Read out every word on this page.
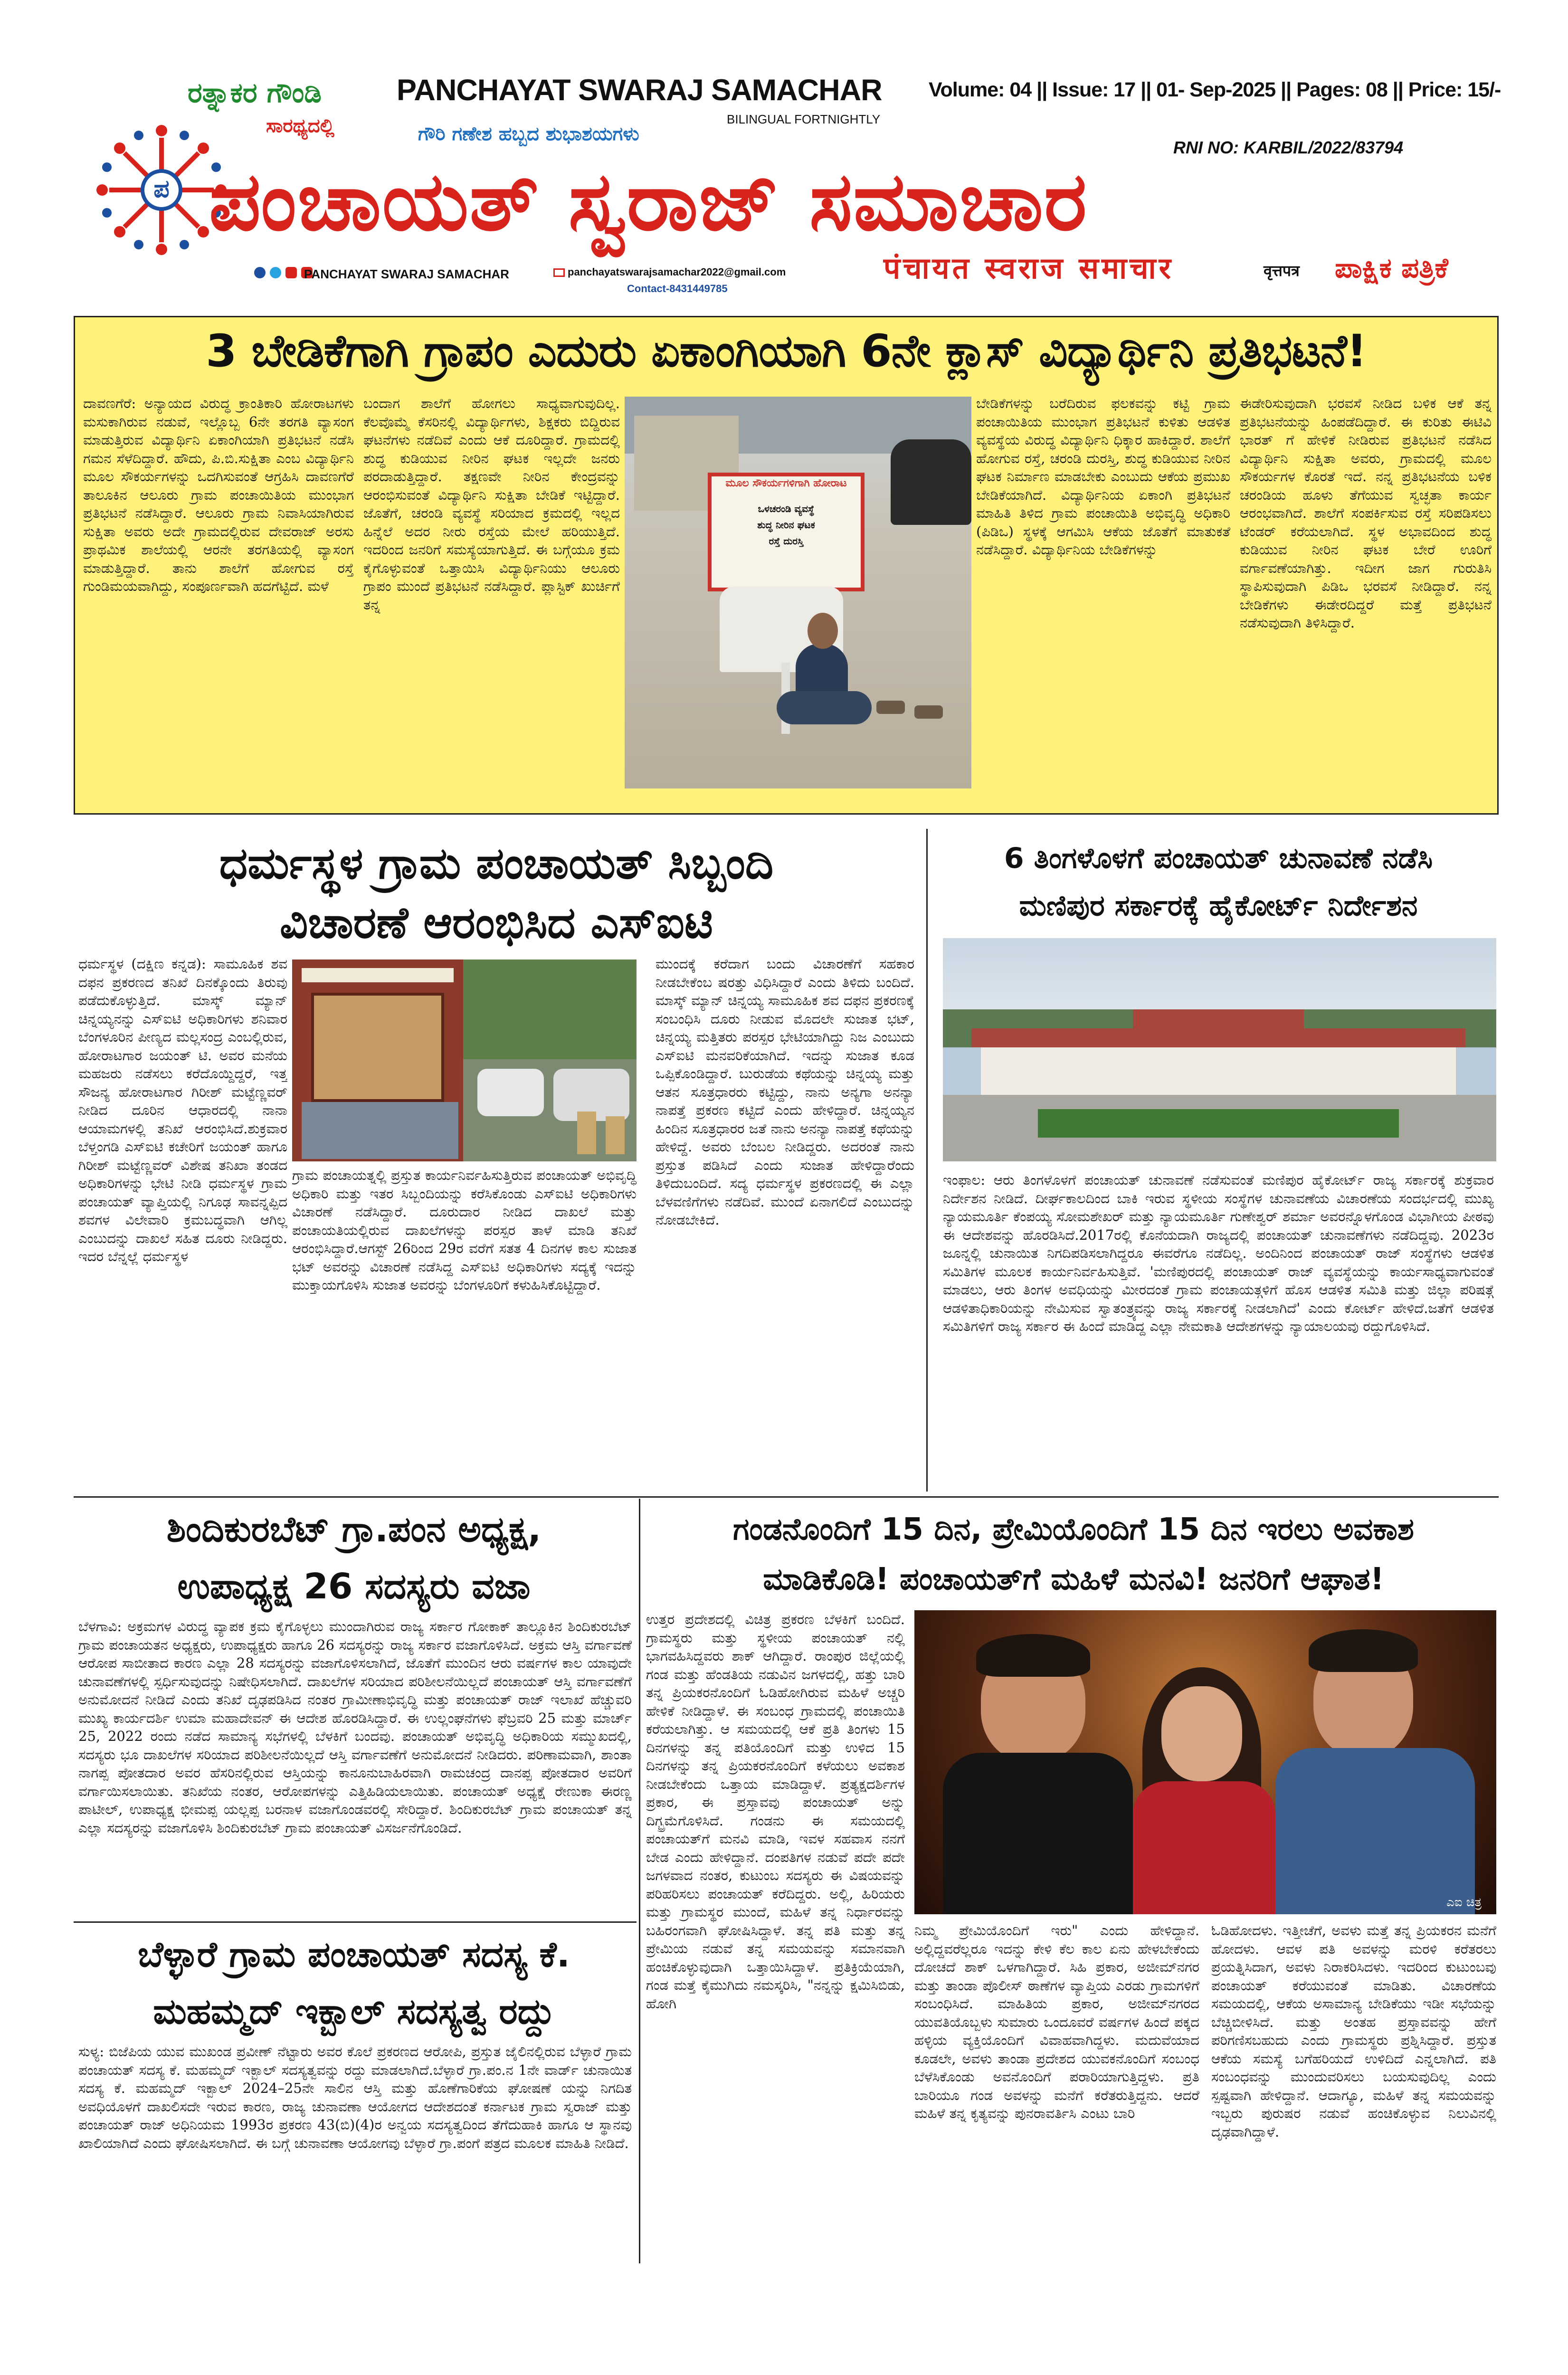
ಪ
ರತ್ನಾಕರ ಗೌಂಡಿ
ಸಾರಥ್ಯದಲ್ಲಿ
PANCHAYAT SWARAJ SAMACHAR
BILINGUAL FORTNIGHTLY
ಗೌರಿ ಗಣೇಶ ಹಬ್ಬದ ಶುಭಾಶಯಗಳು
Volume: 04 || Issue: 17 || 01- Sep-2025 || Pages: 08 || Price: 15/-
RNI NO: KARBIL/2022/83794
ಪಂಚಾಯತ್ ಸ್ವರಾಜ್ ಸಮಾಚಾರ
पंचायत स्वराज समाचार	वृत्तपत्र	ಪಾಕ್ಷಿಕ ಪತ್ರಿಕೆ

PANCHAYAT SWARAJ SAMACHAR	panchayatswarajsamachar2022@gmail.com
Contact-8431449785
3 ಬೇಡಿಕೆಗಾಗಿ ಗ್ರಾಪಂ ಎದುರು ಏಕಾಂಗಿಯಾಗಿ 6ನೇ ಕ್ಲಾಸ್ ವಿದ್ಯಾರ್ಥಿನಿ ಪ್ರತಿಭಟನೆ!
ದಾವಣಗೆರೆ: ಅನ್ಯಾಯದ ವಿರುದ್ಧ ಕ್ರಾಂತಿಕಾರಿ ಹೋರಾಟಗಳು ಮಸುಕಾಗಿರುವ ನಡುವೆ, ಇಲ್ಲೊಬ್ಬ 6ನೇ ತರಗತಿ ವ್ಯಾಸಂಗ ಮಾಡುತ್ತಿರುವ ವಿದ್ಯಾರ್ಥಿನಿ ಏಕಾಂಗಿಯಾಗಿ ಪ್ರತಿಭಟನೆ ನಡೆಸಿ ಗಮನ ಸೆಳೆದಿದ್ದಾರೆ. ಹೌದು, ಪಿ.ಬಿ.ಸುಕ್ಷಿತಾ ಎಂಬ ವಿದ್ಯಾರ್ಥಿನಿ ಮೂಲ ಸೌಕರ್ಯಗಳನ್ನು ಒದಗಿಸುವಂತೆ ಆಗ್ರಹಿಸಿ ದಾವಣಗೆರೆ ತಾಲೂಕಿನ ಆಲೂರು ಗ್ರಾಮ ಪಂಚಾಯಿತಿಯ ಮುಂಭಾಗ ಪ್ರತಿಭಟನೆ ನಡೆಸಿದ್ದಾರೆ. ಆಲೂರು ಗ್ರಾಮ ನಿವಾಸಿಯಾಗಿರುವ ಸುಕ್ಷಿತಾ ಅವರು ಅದೇ ಗ್ರಾಮದಲ್ಲಿರುವ ದೇವರಾಜ್ ಅರಸು ಪ್ರಾಥಮಿಕ ಶಾಲೆಯಲ್ಲಿ ಆರನೇ ತರಗತಿಯಲ್ಲಿ ವ್ಯಾಸಂಗ ಮಾಡುತ್ತಿದ್ದಾರೆ. ತಾನು ಶಾಲೆಗೆ ಹೋಗುವ ರಸ್ತೆ ಗುಂಡಿಮಯವಾಗಿದ್ದು, ಸಂಪೂರ್ಣವಾಗಿ ಹದಗೆಟ್ಟಿದೆ. ಮಳೆ
ಬಂದಾಗ ಶಾಲೆಗೆ ಹೋಗಲು ಸಾಧ್ಯವಾಗುವುದಿಲ್ಲ. ಕೆಲವೊಮ್ಮೆ ಕೆಸರಿನಲ್ಲಿ ವಿದ್ಯಾರ್ಥಿಗಳು, ಶಿಕ್ಷಕರು ಬಿದ್ದಿರುವ ಘಟನೆಗಳು ನಡೆದಿವೆ ಎಂದು ಆಕೆ ದೂರಿದ್ದಾರೆ. ಗ್ರಾಮದಲ್ಲಿ ಶುದ್ಧ ಕುಡಿಯುವ ನೀರಿನ ಘಟಕ ಇಲ್ಲದೇ ಜನರು ಪರದಾಡುತ್ತಿದ್ದಾರೆ. ತಕ್ಷಣವೇ ನೀರಿನ ಕೇಂದ್ರವನ್ನು ಆರಂಭಿಸುವಂತೆ ವಿದ್ಯಾರ್ಥಿನಿ ಸುಕ್ಷಿತಾ ಬೇಡಿಕೆ ಇಟ್ಟಿದ್ದಾರೆ. ಜೊತೆಗೆ, ಚರಂಡಿ ವ್ಯವಸ್ಥೆ ಸರಿಯಾದ ಕ್ರಮದಲ್ಲಿ ಇಲ್ಲದ ಹಿನ್ನೆಲೆ ಅದರ ನೀರು ರಸ್ತೆಯ ಮೇಲೆ ಹರಿಯುತ್ತಿದೆ. ಇದರಿಂದ ಜನರಿಗೆ ಸಮಸ್ಯೆಯಾಗುತ್ತಿದೆ. ಈ ಬಗ್ಗೆಯೂ ಕ್ರಮ ಕೈಗೊಳ್ಳುವಂತೆ ಒತ್ತಾಯಿಸಿ ವಿದ್ಯಾರ್ಥಿನಿಯು ಆಲೂರು ಗ್ರಾಪಂ ಮುಂದೆ ಪ್ರತಿಭಟನೆ ನಡೆಸಿದ್ದಾರೆ. ಪ್ಲಾಸ್ಟಿಕ್ ಖುರ್ಚಿಗೆ ತನ್ನ
ಮೂಲ ಸೌಕರ್ಯಗಳಿಗಾಗಿ ಹೋರಾಟ
ಒಳಚರಂಡಿ ವ್ಯವಸ್ಥೆ
ಶುದ್ಧ ನೀರಿನ ಘಟಕ
ರಸ್ತೆ ದುರಸ್ತಿ
ಬೇಡಿಕೆಗಳನ್ನು ಬರೆದಿರುವ ಫಲಕವನ್ನು ಕಟ್ಟಿ ಗ್ರಾಮ ಪಂಚಾಯಿತಿಯ ಮುಂಭಾಗ ಪ್ರತಿಭಟನೆ ಕುಳಿತು ಆಡಳಿತ ವ್ಯವಸ್ಥೆಯ ವಿರುದ್ಧ ವಿದ್ಯಾರ್ಥಿನಿ ಧಿಕ್ಕಾರ ಹಾಕಿದ್ದಾರೆ. ಶಾಲೆಗೆ ಹೋಗುವ ರಸ್ತೆ, ಚರಂಡಿ ದುರಸ್ತಿ, ಶುದ್ಧ ಕುಡಿಯುವ ನೀರಿನ ಘಟಕ ನಿರ್ಮಾಣ ಮಾಡಬೇಕು ಎಂಬುದು ಆಕೆಯ ಪ್ರಮುಖ ಬೇಡಿಕೆಯಾಗಿದೆ. ವಿದ್ಯಾರ್ಥಿನಿಯ ಏಕಾಂಗಿ ಪ್ರತಿಭಟನೆ ಮಾಹಿತಿ ತಿಳಿದ ಗ್ರಾಮ ಪಂಚಾಯಿತಿ ಅಭಿವೃದ್ಧಿ ಅಧಿಕಾರಿ (ಪಿಡಿಒ) ಸ್ಥಳಕ್ಕೆ ಆಗಮಿಸಿ ಆಕೆಯ ಜೊತೆಗೆ ಮಾತುಕತೆ ನಡೆಸಿದ್ದಾರೆ. ವಿದ್ಯಾರ್ಥಿನಿಯ ಬೇಡಿಕೆಗಳನ್ನು
ಈಡೇರಿಸುವುದಾಗಿ ಭರವಸೆ ನೀಡಿದ ಬಳಿಕ ಆಕೆ ತನ್ನ ಪ್ರತಿಭಟನೆಯನ್ನು ಹಿಂಪಡೆದಿದ್ದಾರೆ. ಈ ಕುರಿತು ಈಟಿವಿ ಭಾರತ್ ಗೆ ಹೇಳಿಕೆ ನೀಡಿರುವ ಪ್ರತಿಭಟನೆ ನಡೆಸಿದ ವಿದ್ಯಾರ್ಥಿನಿ ಸುಕ್ಷಿತಾ ಅವರು, ಗ್ರಾಮದಲ್ಲಿ ಮೂಲ ಸೌಕರ್ಯಗಳ ಕೊರತೆ ಇದೆ. ನನ್ನ ಪ್ರತಿಭಟನೆಯ ಬಳಿಕ ಚರಂಡಿಯ ಹೂಳು ತೆಗೆಯುವ ಸ್ವಚ್ಛತಾ ಕಾರ್ಯ ಆರಂಭವಾಗಿದೆ. ಶಾಲೆಗೆ ಸಂಪರ್ಕಿಸುವ ರಸ್ತೆ ಸರಿಪಡಿಸಲು ಟೆಂಡರ್ ಕರೆಯಲಾಗಿದೆ. ಸ್ಥಳ ಅಭಾವದಿಂದ ಶುದ್ಧ ಕುಡಿಯುವ ನೀರಿನ ಘಟಕ ಬೇರೆ ಊರಿಗೆ ವರ್ಗಾವಣೆಯಾಗಿತ್ತು. ಇದೀಗ ಜಾಗ ಗುರುತಿಸಿ ಸ್ಥಾಪಿಸುವುದಾಗಿ ಪಿಡಿಒ ಭರವಸೆ ನೀಡಿದ್ದಾರೆ. ನನ್ನ ಬೇಡಿಕೆಗಳು ಈಡೇರದಿದ್ದರೆ ಮತ್ತೆ ಪ್ರತಿಭಟನೆ ನಡೆಸುವುದಾಗಿ ತಿಳಿಸಿದ್ದಾರೆ.
ಧರ್ಮಸ್ಥಳ ಗ್ರಾಮ ಪಂಚಾಯತ್ ಸಿಬ್ಬಂದಿ
ವಿಚಾರಣೆ ಆರಂಭಿಸಿದ ಎಸ್ಐಟಿ
ಧರ್ಮಸ್ಥಳ (ದಕ್ಷಿಣ ಕನ್ನಡ): ಸಾಮೂಹಿಕ ಶವ ದಫನ ಪ್ರಕರಣದ ತನಿಖೆ ದಿನಕ್ಕೊಂದು ತಿರುವು ಪಡೆದುಕೊಳ್ಳುತ್ತಿದೆ. ಮಾಸ್ಕ್ ಮ್ಯಾನ್ ಚಿನ್ನಯ್ಯನನ್ನು ಎಸ್ಐಟಿ ಅಧಿಕಾರಿಗಳು ಶನಿವಾರ ಬೆಂಗಳೂರಿನ ಪೀಣ್ಯದ ಮಲ್ಲಸಂದ್ರ ಎಂಬಲ್ಲಿರುವ, ಹೋರಾಟಗಾರ ಜಯಂತ್ ಟಿ. ಅವರ ಮನೆಯ ಮಹಜರು ನಡೆಸಲು ಕರೆದೊಯ್ದಿದ್ದರೆ, ಇತ್ತ ಸೌಜನ್ಯ ಹೋರಾಟಗಾರ ಗಿರೀಶ್ ಮಟ್ಟೆಣ್ಣವರ್ ನೀಡಿದ ದೂರಿನ ಆಧಾರದಲ್ಲಿ ನಾನಾ ಆಯಾಮಗಳಲ್ಲಿ ತನಿಖೆ ಆರಂಭಿಸಿದೆ.ಶುಕ್ರವಾರ ಬೆಳ್ತಂಗಡಿ ಎಸ್ಐಟಿ ಕಚೇರಿಗೆ ಜಯಂತ್ ಹಾಗೂ ಗಿರೀಶ್ ಮಟ್ಟೆಣ್ಣವರ್ ವಿಶೇಷ ತನಿಖಾ ತಂಡದ ಅಧಿಕಾರಿಗಳನ್ನು ಭೇಟಿ ನೀಡಿ ಧರ್ಮಸ್ಥಳ ಗ್ರಾಮ ಪಂಚಾಯತ್ ವ್ಯಾಪ್ತಿಯಲ್ಲಿ ನಿಗೂಢ ಸಾವನ್ನಪ್ಪಿದ ಶವಗಳ ವಿಲೇವಾರಿ ಕ್ರಮಬದ್ಧವಾಗಿ ಆಗಿಲ್ಲ ಎಂಬುದನ್ನು ದಾಖಲೆ ಸಹಿತ ದೂರು ನೀಡಿದ್ದರು. ಇದರ ಬೆನ್ನಲ್ಲೆ ಧರ್ಮಸ್ಥಳ
ಗ್ರಾಮ ಪಂಚಾಯತ್ನಲ್ಲಿ ಪ್ರಸ್ತುತ ಕಾರ್ಯನಿರ್ವಹಿಸುತ್ತಿರುವ ಪಂಚಾಯತ್ ಅಭಿವೃದ್ಧಿ ಅಧಿಕಾರಿ ಮತ್ತು ಇತರ ಸಿಬ್ಬಂದಿಯನ್ನು ಕರೆಸಿಕೊಂಡು ಎಸ್ಐಟಿ ಅಧಿಕಾರಿಗಳು ವಿಚಾರಣೆ ನಡೆಸಿದ್ದಾರೆ. ದೂರುದಾರ ನೀಡಿದ ದಾಖಲೆ ಮತ್ತು ಪಂಚಾಯತಿಯಲ್ಲಿರುವ ದಾಖಲೆಗಳನ್ನು ಪರಸ್ಪರ ತಾಳೆ ಮಾಡಿ ತನಿಖೆ ಆರಂಭಿಸಿದ್ದಾರೆ.ಆಗಸ್ಟ್ 26ರಿಂದ 29ರ ವರೆಗೆ ಸತತ 4 ದಿನಗಳ ಕಾಲ ಸುಜಾತ ಭಟ್ ಅವರನ್ನು ವಿಚಾರಣೆ ನಡೆಸಿದ್ದ ಎಸ್ಐಟಿ ಅಧಿಕಾರಿಗಳು ಸದ್ಯಕ್ಕೆ ಇದನ್ನು ಮುಕ್ತಾಯಗೊಳಿಸಿ ಸುಜಾತ ಅವರನ್ನು ಬೆಂಗಳೂರಿಗೆ ಕಳುಹಿಸಿಕೊಟ್ಟಿದ್ದಾರೆ.
ಮುಂದಕ್ಕೆ ಕರೆದಾಗ ಬಂದು ವಿಚಾರಣೆಗೆ ಸಹಕಾರ ನೀಡಬೇಕೆಂಬ ಷರತ್ತು ವಿಧಿಸಿದ್ದಾರೆ ಎಂದು ತಿಳಿದು ಬಂದಿದೆ. ಮಾಸ್ಕ್ ಮ್ಯಾನ್ ಚಿನ್ನಯ್ಯ ಸಾಮೂಹಿಕ ಶವ ದಫನ ಪ್ರಕರಣಕ್ಕೆ ಸಂಬಂಧಿಸಿ ದೂರು ನೀಡುವ ಮೊದಲೇ ಸುಜಾತ ಭಟ್, ಚಿನ್ನಯ್ಯ ಮತ್ತಿತರು ಪರಸ್ಪರ ಭೇಟಿಯಾಗಿದ್ದು ನಿಜ ಎಂಬುದು ಎಸ್ಐಟಿ ಮನವರಿಕೆಯಾಗಿದೆ. ಇದನ್ನು ಸುಜಾತ ಕೂಡ ಒಪ್ಪಿಕೊಂಡಿದ್ದಾರೆ. ಬುರುಡೆಯ ಕಥೆಯನ್ನು ಚಿನ್ನಯ್ಯ ಮತ್ತು ಆತನ ಸೂತ್ರಧಾರರು ಕಟ್ಟಿದ್ದು, ನಾನು ಅನ್ಯಗಾ ಅನನ್ಯಾ ನಾಪತ್ತೆ ಪ್ರಕರಣ ಕಟ್ಟಿದೆ ಎಂದು ಹೇಳಿದ್ದಾರೆ. ಚಿನ್ನಯ್ಯನ ಹಿಂದಿನ ಸೂತ್ರಧಾರರ ಜತೆ ನಾನು ಅನನ್ಯಾ ನಾಪತ್ತೆ ಕಥೆಯನ್ನು ಹೇಳಿದ್ದೆ. ಅವರು ಬೆಂಬಲ ನೀಡಿದ್ದರು. ಅದರಂತೆ ನಾನು ಪ್ರಸ್ತುತ ಪಡಿಸಿದೆ ಎಂದು ಸುಜಾತ ಹೇಳಿದ್ದಾರೆಂದು ತಿಳಿದುಬಂದಿದೆ. ಸದ್ಯ ಧರ್ಮಸ್ಥಳ ಪ್ರಕರಣದಲ್ಲಿ ಈ ಎಲ್ಲಾ ಬೆಳವಣಿಗೆಗಳು ನಡೆದಿವೆ. ಮುಂದೆ ಏನಾಗಲಿದೆ ಎಂಬುದನ್ನು ನೋಡಬೇಕಿದೆ.
6 ತಿಂಗಳೊಳಗೆ ಪಂಚಾಯತ್ ಚುನಾವಣೆ ನಡೆಸಿ
ಮಣಿಪುರ ಸರ್ಕಾರಕ್ಕೆ ಹೈಕೋರ್ಟ್ ನಿರ್ದೇಶನ
ಇಂಫಾಲ: ಆರು ತಿಂಗಳೊಳಗೆ ಪಂಚಾಯತ್ ಚುನಾವಣೆ ನಡೆಸುವಂತೆ ಮಣಿಪುರ ಹೈಕೋರ್ಟ್ ರಾಜ್ಯ ಸರ್ಕಾರಕ್ಕೆ ಶುಕ್ರವಾರ ನಿರ್ದೇಶನ ನೀಡಿದೆ. ದೀರ್ಘಕಾಲದಿಂದ ಬಾಕಿ ಇರುವ ಸ್ಥಳೀಯ ಸಂಸ್ಥೆಗಳ ಚುನಾವಣೆಯ ವಿಚಾರಣೆಯ ಸಂದರ್ಭದಲ್ಲಿ ಮುಖ್ಯ ನ್ಯಾಯಮೂರ್ತಿ ಕೆಂಪಯ್ಯ ಸೋಮಶೇಖರ್ ಮತ್ತು ನ್ಯಾಯಮೂರ್ತಿ ಗುಣೇಶ್ವರ್ ಶರ್ಮಾ ಅವರನ್ನೊಳಗೊಂಡ ವಿಭಾಗೀಯ ಪೀಠವು ಈ ಆದೇಶವನ್ನು ಹೊರಡಿಸಿದೆ.2017ರಲ್ಲಿ ಕೊನೆಯದಾಗಿ ರಾಜ್ಯದಲ್ಲಿ ಪಂಚಾಯತ್ ಚುನಾವಣೆಗಳು ನಡೆದಿದ್ದವು. 2023ರ ಜೂನ್ನಲ್ಲಿ ಚುನಾಯಿತ ನಿಗದಿಪಡಿಸಲಾಗಿದ್ದರೂ ಈವರೆಗೂ ನಡೆದಿಲ್ಲ. ಅಂದಿನಿಂದ ಪಂಚಾಯತ್ ರಾಜ್ ಸಂಸ್ಥೆಗಳು ಆಡಳಿತ ಸಮಿತಿಗಳ ಮೂಲಕ ಕಾರ್ಯನಿರ್ವಹಿಸುತ್ತಿವೆ. 'ಮಣಿಪುರದಲ್ಲಿ ಪಂಚಾಯತ್ ರಾಜ್ ವ್ಯವಸ್ಥೆಯನ್ನು ಕಾರ್ಯಸಾಧ್ಯವಾಗುವಂತೆ ಮಾಡಲು, ಆರು ತಿಂಗಳ ಅವಧಿಯನ್ನು ಮೀರದಂತೆ ಗ್ರಾಮ ಪಂಚಾಯತ್ಗಳಿಗೆ ಹೊಸ ಆಡಳಿತ ಸಮಿತಿ ಮತ್ತು ಜಿಲ್ಲಾ ಪರಿಷತ್ಗೆ ಆಡಳಿತಾಧಿಕಾರಿಯನ್ನು ನೇಮಿಸುವ ಸ್ವಾತಂತ್ರ್ಯವನ್ನು ರಾಜ್ಯ ಸರ್ಕಾರಕ್ಕೆ ನೀಡಲಾಗಿದೆ' ಎಂದು ಕೋರ್ಟ್ ಹೇಳಿದೆ.ಜತೆಗೆ ಆಡಳಿತ ಸಮಿತಿಗಳಿಗೆ ರಾಜ್ಯ ಸರ್ಕಾರ ಈ ಹಿಂದೆ ಮಾಡಿದ್ದ ಎಲ್ಲಾ ನೇಮಕಾತಿ ಆದೇಶಗಳನ್ನು ನ್ಯಾಯಾಲಯವು ರದ್ದುಗೊಳಿಸಿದೆ.
ಶಿಂದಿಕುರಬೆಟ್ ಗ್ರಾ.ಪಂನ ಅಧ್ಯಕ್ಷ,
ಉಪಾಧ್ಯಕ್ಷ 26 ಸದಸ್ಯರು ವಜಾ
ಬೆಳಗಾವಿ: ಅಕ್ರಮಗಳ ವಿರುದ್ಧ ವ್ಯಾಪಕ ಕ್ರಮ ಕೈಗೊಳ್ಳಲು ಮುಂದಾಗಿರುವ ರಾಜ್ಯ ಸರ್ಕಾರ ಗೋಕಾಕ್ ತಾಲ್ಲೂಕಿನ ಶಿಂದಿಕುರಬೆಟ್ ಗ್ರಾಮ ಪಂಚಾಯತನ ಅಧ್ಯಕ್ಷರು, ಉಪಾಧ್ಯಕ್ಷರು ಹಾಗೂ 26 ಸದಸ್ಯರನ್ನು ರಾಜ್ಯ ಸರ್ಕಾರ ವಜಾಗೊಳಿಸಿದೆ. ಅಕ್ರಮ ಆಸ್ತಿ ವರ್ಗಾವಣೆ ಆರೋಪ ಸಾಬೀತಾದ ಕಾರಣ ಎಲ್ಲಾ 28 ಸದಸ್ಯರನ್ನು ವಜಾಗೊಳಿಸಲಾಗಿದೆ, ಜೊತೆಗೆ ಮುಂದಿನ ಆರು ವರ್ಷಗಳ ಕಾಲ ಯಾವುದೇ ಚುನಾವಣೆಗಳಲ್ಲಿ ಸ್ಪರ್ಧಿಸುವುದನ್ನು ನಿಷೇಧಿಸಲಾಗಿದೆ. ದಾಖಲೆಗಳ ಸರಿಯಾದ ಪರಿಶೀಲನೆಯಿಲ್ಲದೆ ಪಂಚಾಯತ್ ಆಸ್ತಿ ವರ್ಗಾವಣೆಗೆ ಅನುಮೋದನೆ ನೀಡಿದೆ ಎಂದು ತನಿಖೆ ದೃಢಪಡಿಸಿದ ನಂತರ ಗ್ರಾಮೀಣಾಭಿವೃದ್ಧಿ ಮತ್ತು ಪಂಚಾಯತ್ ರಾಜ್ ಇಲಾಖೆ ಹೆಚ್ಚುವರಿ ಮುಖ್ಯ ಕಾರ್ಯದರ್ಶಿ ಉಮಾ ಮಹಾದೇವನ್ ಈ ಆದೇಶ ಹೊರಡಿಸಿದ್ದಾರೆ. ಈ ಉಲ್ಲಂಘನೆಗಳು ಫೆಬ್ರವರಿ 25 ಮತ್ತು ಮಾರ್ಚ್ 25, 2022 ರಂದು ನಡೆದ ಸಾಮಾನ್ಯ ಸಭೆಗಳಲ್ಲಿ ಬೆಳಕಿಗೆ ಬಂದವು. ಪಂಚಾಯತ್ ಅಭಿವೃದ್ಧಿ ಅಧಿಕಾರಿಯ ಸಮ್ಮುಖದಲ್ಲಿ, ಸದಸ್ಯರು ಭೂ ದಾಖಲೆಗಳ ಸರಿಯಾದ ಪರಿಶೀಲನೆಯಿಲ್ಲದೆ ಆಸ್ತಿ ವರ್ಗಾವಣೆಗೆ ಅನುಮೋದನೆ ನೀಡಿದರು. ಪರಿಣಾಮವಾಗಿ, ಶಾಂತಾ ನಾಗಪ್ಪ ಪೋತದಾರ ಅವರ ಹೆಸರಿನಲ್ಲಿರುವ ಆಸ್ತಿಯನ್ನು ಕಾನೂನುಬಾಹಿರವಾಗಿ ರಾಮಚಂದ್ರ ದಾನಪ್ಪ ಪೋತದಾರ ಅವರಿಗೆ ವರ್ಗಾಯಿಸಲಾಯಿತು. ತನಿಖೆಯ ನಂತರ, ಆರೋಪಗಳನ್ನು ಎತ್ತಿಹಿಡಿಯಲಾಯಿತು. ಪಂಚಾಯತ್ ಅಧ್ಯಕ್ಷೆ ರೇಣುಕಾ ಈರಣ್ಣ ಪಾಟೀಲ್, ಉಪಾಧ್ಯಕ್ಷ ಭೀಮಪ್ಪ ಯಲ್ಲಪ್ಪ ಬರನಾಳ ವಜಾಗೊಂಡವರಲ್ಲಿ ಸೇರಿದ್ದಾರೆ. ಶಿಂದಿಕುರಬೆಟ್ ಗ್ರಾಮ ಪಂಚಾಯತ್ ತನ್ನ ಎಲ್ಲಾ ಸದಸ್ಯರನ್ನು ವಜಾಗೊಳಿಸಿ ಶಿಂದಿಕುರಬೆಟ್ ಗ್ರಾಮ ಪಂಚಾಯತ್ ವಿಸರ್ಜನೆಗೊಂಡಿದೆ.
ಬೆಳ್ಳಾರೆ ಗ್ರಾಮ ಪಂಚಾಯತ್ ಸದಸ್ಯ ಕೆ.
ಮಹಮ್ಮದ್ ಇಕ್ಬಾಲ್ ಸದಸ್ಯತ್ವ ರದ್ದು
ಸುಳ್ಯ: ಬಿಜೆಪಿಯ ಯುವ ಮುಖಂಡ ಪ್ರವೀಣ್ ನೆಟ್ಟಾರು ಅವರ ಕೊಲೆ ಪ್ರಕರಣದ ಆರೋಪಿ, ಪ್ರಸ್ತುತ ಜೈಲಿನಲ್ಲಿರುವ ಬೆಳ್ಳಾರೆ ಗ್ರಾಮ ಪಂಚಾಯತ್ ಸದಸ್ಯ ಕೆ. ಮಹಮ್ಮದ್ ಇಕ್ಬಾಲ್ ಸದಸ್ಯತ್ವವನ್ನು ರದ್ದು ಮಾಡಲಾಗಿದೆ.ಬೆಳ್ಳಾರೆ ಗ್ರಾ.ಪಂ.ನ 1ನೇ ವಾರ್ಡ್ ಚುನಾಯಿತ ಸದಸ್ಯ ಕೆ. ಮಹಮ್ಮದ್ ಇಕ್ಬಾಲ್ 2024–25ನೇ ಸಾಲಿನ ಆಸ್ತಿ ಮತ್ತು ಹೊಣೆಗಾರಿಕೆಯ ಘೋಷಣೆ ಯನ್ನು ನಿಗದಿತ ಅವಧಿಯೊಳಗೆ ದಾಖಲಿಸದೇ ಇರುವ ಕಾರಣ, ರಾಜ್ಯ ಚುನಾವಣಾ ಆಯೋಗದ ಆದೇಶದಂತೆ ಕರ್ನಾಟಕ ಗ್ರಾಮ ಸ್ವರಾಜ್ ಮತ್ತು ಪಂಚಾಯತ್ ರಾಜ್ ಅಧಿನಿಯಮ 1993ರ ಪ್ರಕರಣ 43(ಬಿ)(4)ರ ಅನ್ವಯ ಸದಸ್ಯತ್ವದಿಂದ ತೆಗೆದುಹಾಕಿ ಹಾಗೂ ಆ ಸ್ಥಾನವು ಖಾಲಿಯಾಗಿದೆ ಎಂದು ಘೋಷಿಸಲಾಗಿದೆ. ಈ ಬಗ್ಗೆ ಚುನಾವಣಾ ಆಯೋಗವು ಬೆಳ್ಳಾರೆ ಗ್ರಾ.ಪಂಗೆ ಪತ್ರದ ಮೂಲಕ ಮಾಹಿತಿ ನೀಡಿದೆ.
ಗಂಡನೊಂದಿಗೆ 15 ದಿನ, ಪ್ರೇಮಿಯೊಂದಿಗೆ 15 ದಿನ ಇರಲು ಅವಕಾಶ
ಮಾಡಿಕೊಡಿ! ಪಂಚಾಯತ್‌ಗೆ ಮಹಿಳೆ ಮನವಿ! ಜನರಿಗೆ ಆಘಾತ!
ಉತ್ತರ ಪ್ರದೇಶದಲ್ಲಿ ವಿಚಿತ್ರ ಪ್ರಕರಣ ಬೆಳಕಿಗೆ ಬಂದಿದೆ. ಗ್ರಾಮಸ್ಥರು ಮತ್ತು ಸ್ಥಳೀಯ ಪಂಚಾಯತ್ ನಲ್ಲಿ ಭಾಗವಹಿಸಿದ್ದವರು ಶಾಕ್ ಆಗಿದ್ದಾರೆ. ರಾಂಪುರ ಜಿಲ್ಲೆಯಲ್ಲಿ ಗಂಡ ಮತ್ತು ಹೆಂಡತಿಯ ನಡುವಿನ ಜಗಳದಲ್ಲಿ, ಹತ್ತು ಬಾರಿ ತನ್ನ ಪ್ರಿಯಕರನೊಂದಿಗೆ ಓಡಿಹೋಗಿರುವ ಮಹಿಳೆ ಅಚ್ಚರಿ ಹೇಳಿಕೆ ನೀಡಿದ್ದಾಳೆ. ಈ ಸಂಬಂಧ ಗ್ರಾಮದಲ್ಲಿ ಪಂಚಾಯಿತಿ ಕರೆಯಲಾಗಿತ್ತು. ಆ ಸಮಯದಲ್ಲಿ ಆಕೆ ಪ್ರತಿ ತಿಂಗಳು 15 ದಿನಗಳನ್ನು ತನ್ನ ಪತಿಯೊಂದಿಗೆ ಮತ್ತು ಉಳಿದ 15 ದಿನಗಳನ್ನು ತನ್ನ ಪ್ರಿಯಕರನೊಂದಿಗೆ ಕಳೆಯಲು ಅವಕಾಶ ನೀಡಬೇಕೆಂದು ಒತ್ತಾಯ ಮಾಡಿದ್ದಾಳೆ. ಪ್ರತ್ಯಕ್ಷದರ್ಶಿಗಳ ಪ್ರಕಾರ, ಈ ಪ್ರಸ್ತಾವವು ಪಂಚಾಯತ್ ಅನ್ನು ದಿಗ್ಭ್ರಮೆಗೊಳಿಸಿದೆ. ಗಂಡನು ಈ ಸಮಯದಲ್ಲಿ ಪಂಚಾಯತ್‌ಗೆ ಮನವಿ ಮಾಡಿ, ಇವಳ ಸಹವಾಸ ನನಗೆ ಬೇಡ ಎಂದು ಹೇಳಿದ್ದಾನೆ. ದಂಪತಿಗಳ ನಡುವೆ ಪದೇ ಪದೇ ಜಗಳವಾದ ನಂತರ, ಕುಟುಂಬ ಸದಸ್ಯರು ಈ ವಿಷಯವನ್ನು ಪರಿಹರಿಸಲು ಪಂಚಾಯತ್ ಕರೆದಿದ್ದರು. ಅಲ್ಲಿ, ಹಿರಿಯರು ಮತ್ತು ಗ್ರಾಮಸ್ಥರ ಮುಂದೆ, ಮಹಿಳೆ ತನ್ನ ನಿರ್ಧಾರವನ್ನು ಬಹಿರಂಗವಾಗಿ ಘೋಷಿಸಿದ್ದಾಳೆ. ತನ್ನ ಪತಿ ಮತ್ತು ತನ್ನ ಪ್ರೇಮಿಯ ನಡುವೆ ತನ್ನ ಸಮಯವನ್ನು ಸಮಾನವಾಗಿ ಹಂಚಿಕೊಳ್ಳುವುದಾಗಿ ಒತ್ತಾಯಿಸಿದ್ದಾಳೆ. ಪ್ರತಿಕ್ರಿಯೆಯಾಗಿ, ಗಂಡ ಮತ್ತೆ ಕೈಮುಗಿದು ನಮಸ್ಕರಿಸಿ, "ನನ್ನನ್ನು ಕ್ಷಮಿಸಿಬಿಡು, ಹೋಗಿ
ಎಐ ಚಿತ್ರ
ನಿಮ್ಮ ಪ್ರೇಮಿಯೊಂದಿಗೆ ಇರು" ಎಂದು ಹೇಳಿದ್ದಾನೆ. ಅಲ್ಲಿದ್ದವರೆಲ್ಲರೂ ಇದನ್ನು ಕೇಳಿ ಕೆಲ ಕಾಲ ಏನು ಹೇಳಬೇಕೆಂದು ದೋಚದೆ ಶಾಕ್ ಒಳಗಾಗಿದ್ದಾರೆ. ಸಿಹಿ ಪ್ರಕಾರ, ಅಜೀಮ್‌ನಗರ ಮತ್ತು ತಾಂಡಾ ಪೊಲೀಸ್ ಠಾಣೆಗಳ ವ್ಯಾಪ್ತಿಯ ಎರಡು ಗ್ರಾಮಗಳಿಗೆ ಸಂಬಂಧಿಸಿದೆ. ಮಾಹಿತಿಯ ಪ್ರಕಾರ, ಅಜೀಮ್‌ನಗರದ ಯುವತಿಯೊಬ್ಬಳು ಸುಮಾರು ಒಂದೂವರೆ ವರ್ಷಗಳ ಹಿಂದೆ ಪಕ್ಕದ ಹಳ್ಳಿಯ ವ್ಯಕ್ತಿಯೊಂದಿಗೆ ವಿವಾಹವಾಗಿದ್ದಳು. ಮದುವೆಯಾದ ಕೂಡಲೇ, ಅವಳು ತಾಂಡಾ ಪ್ರದೇಶದ ಯುವಕನೊಂದಿಗೆ ಸಂಬಂಧ ಬೆಳೆಸಿಕೊಂಡು ಅವನೊಂದಿಗೆ ಪರಾರಿಯಾಗುತ್ತಿದ್ದಳು. ಪ್ರತಿ ಬಾರಿಯೂ ಗಂಡ ಅವಳನ್ನು ಮನೆಗೆ ಕರೆತರುತ್ತಿದ್ದನು. ಆದರೆ ಮಹಿಳೆ ತನ್ನ ಕೃತ್ಯವನ್ನು ಪುನರಾವರ್ತಿಸಿ ಎಂಟು ಬಾರಿ
ಓಡಿಹೋದಳು. ಇತ್ತೀಚೆಗೆ, ಅವಳು ಮತ್ತೆ ತನ್ನ ಪ್ರಿಯಕರನ ಮನೆಗೆ ಹೋದಳು. ಆವಳ ಪತಿ ಅವಳನ್ನು ಮರಳಿ ಕರೆತರಲು ಪ್ರಯತ್ನಿಸಿದಾಗ, ಅವಳು ನಿರಾಕರಿಸಿದಳು. ಇದರಿಂದ ಕುಟುಂಬವು ಪಂಚಾಯತ್ ಕರೆಯುವಂತೆ ಮಾಡಿತು. ವಿಚಾರಣೆಯ ಸಮಯದಲ್ಲಿ, ಆಕೆಯ ಅಸಾಮಾನ್ಯ ಬೇಡಿಕೆಯು ಇಡೀ ಸಭೆಯನ್ನು ಬೆಚ್ಚಿಬೀಳಿಸಿದೆ. ಮತ್ತು ಅಂತಹ ಪ್ರಸ್ತಾವವನ್ನು ಹೇಗೆ ಪರಿಗಣಿಸಬಹುದು ಎಂದು ಗ್ರಾಮಸ್ಥರು ಪ್ರಶ್ನಿಸಿದ್ದಾರೆ. ಪ್ರಸ್ತುತ ಆಕೆಯ ಸಮಸ್ಯೆ ಬಗೆಹರಿಯದೆ ಉಳಿದಿದೆ ಎನ್ನಲಾಗಿದೆ. ಪತಿ ಸಂಬಂಧವನ್ನು ಮುಂದುವರಿಸಲು ಬಯಸುವುದಿಲ್ಲ ಎಂದು ಸ್ಪಷ್ಟವಾಗಿ ಹೇಳಿದ್ದಾನೆ. ಆದಾಗ್ಯೂ, ಮಹಿಳೆ ತನ್ನ ಸಮಯವನ್ನು ಇಬ್ಬರು ಪುರುಷರ ನಡುವೆ ಹಂಚಿಕೊಳ್ಳುವ ನಿಲುವಿನಲ್ಲಿ ದೃಢವಾಗಿದ್ದಾಳೆ.
